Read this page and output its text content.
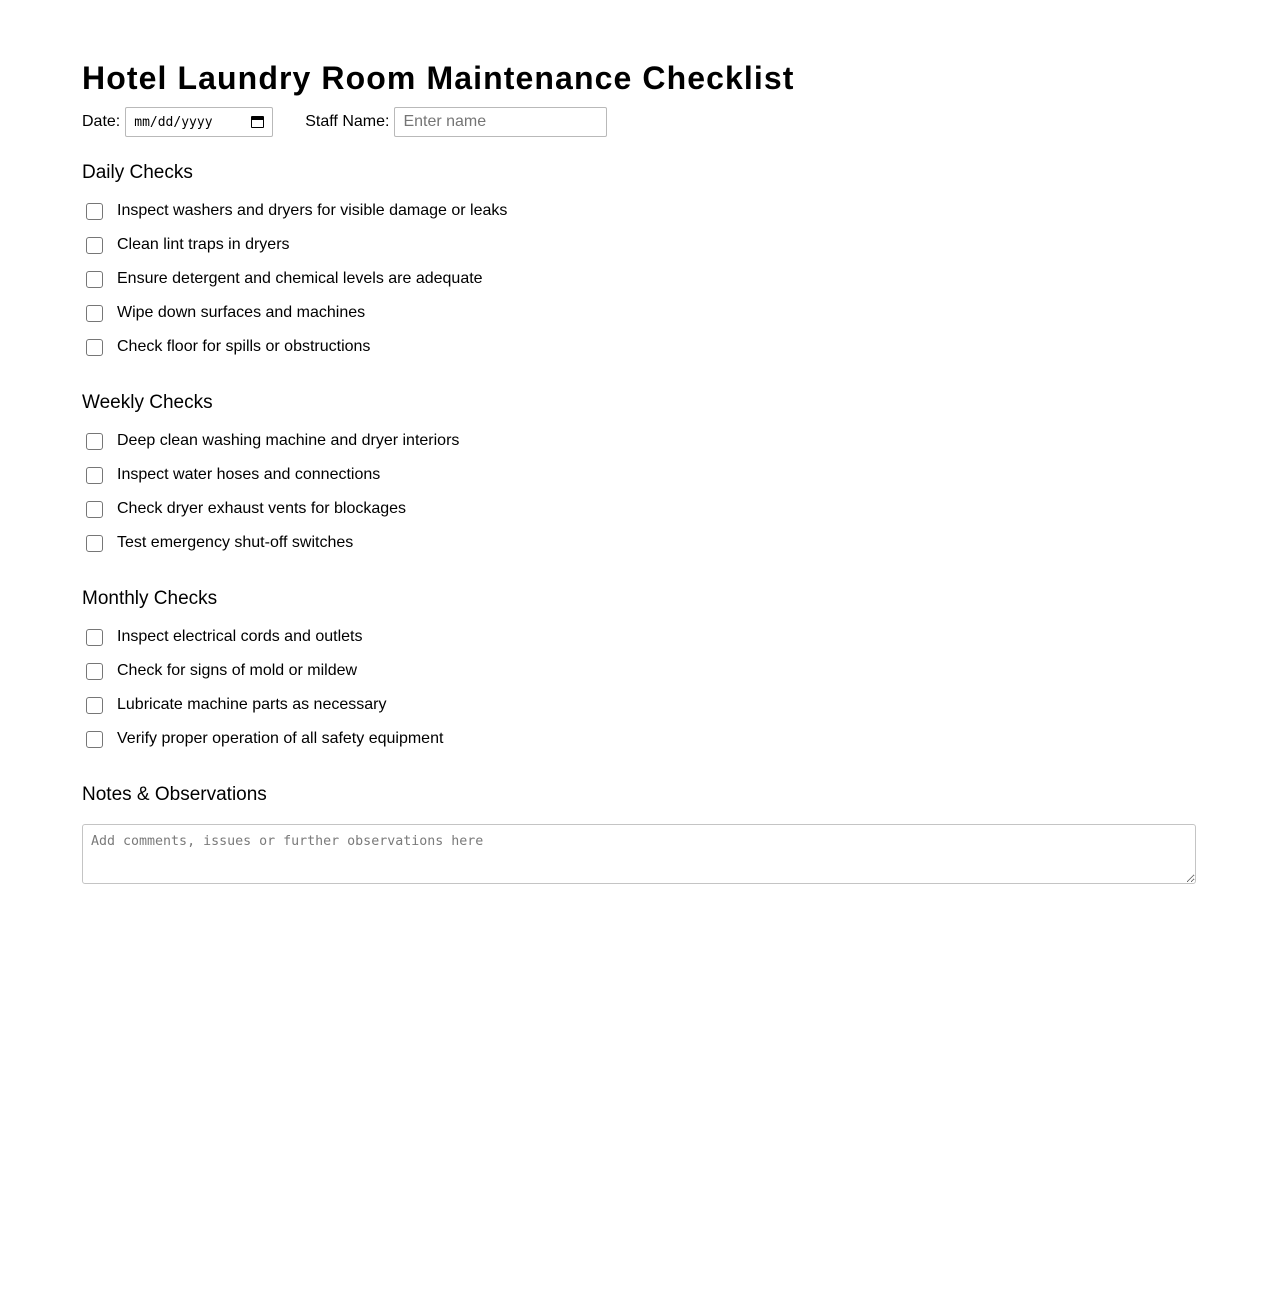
Hotel Laundry Room Maintenance Checklist
Date: mm/dd/yyyy	Staff Name:
Enter name
Daily Checks
Inspect washers and dryers for visible damage or leaks
Clean lint traps in dryers
Ensure detergent and chemical levels are adequate
Wipe down surfaces and machines
Check floor for spills or obstructions
Weekly Checks
Deep clean washing machine and dryer interiors
Inspect water hoses and connections
Check dryer exhaust vents for blockages
Test emergency shut-off switches
Monthly Checks
Inspect electrical cords and outlets
Check for signs of mold or mildew
Lubricate machine parts as necessary
Verify proper operation of all safety equipment
Notes & Observations
Add comments, issues or further observations here
